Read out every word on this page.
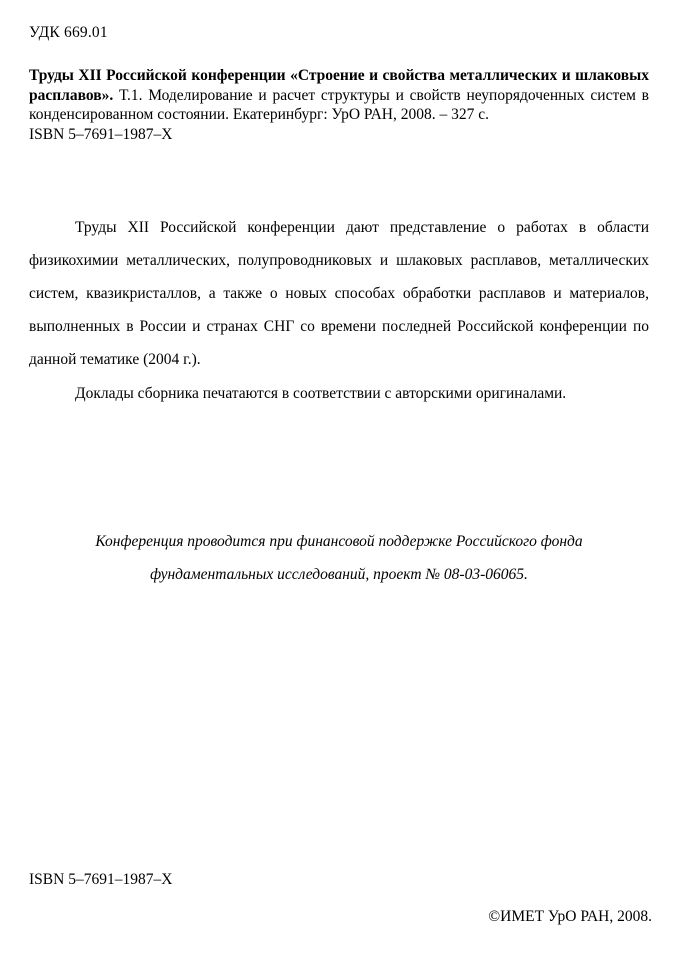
УДК 669.01
Труды XII Российской конференции «Строение и свойства металлических и шлаковых расплавов». Т.1. Моделирование и расчет структуры и свойств неупорядоченных систем в конденсированном состоянии. Екатеринбург: УрО РАН, 2008. – 327 с.
ISBN 5–7691–1987–X

Труды XII Российской конференции дают представление о работах в области физикохимии металлических, полупроводниковых и шлаковых расплавов, металлических систем, квазикристаллов, а также о новых способах обработки расплавов и материалов, выполненных в России и странах СНГ со времени последней Российской конференции по данной тематике (2004 г.).

Доклады сборника печатаются в соответствии с авторскими оригиналами.

Конференция проводится при финансовой поддержке Российского фонда
фундаментальных исследований, проект № 08-03-06065.
ISBN 5–7691–1987–X
©ИМЕТ УрО РАН, 2008.
